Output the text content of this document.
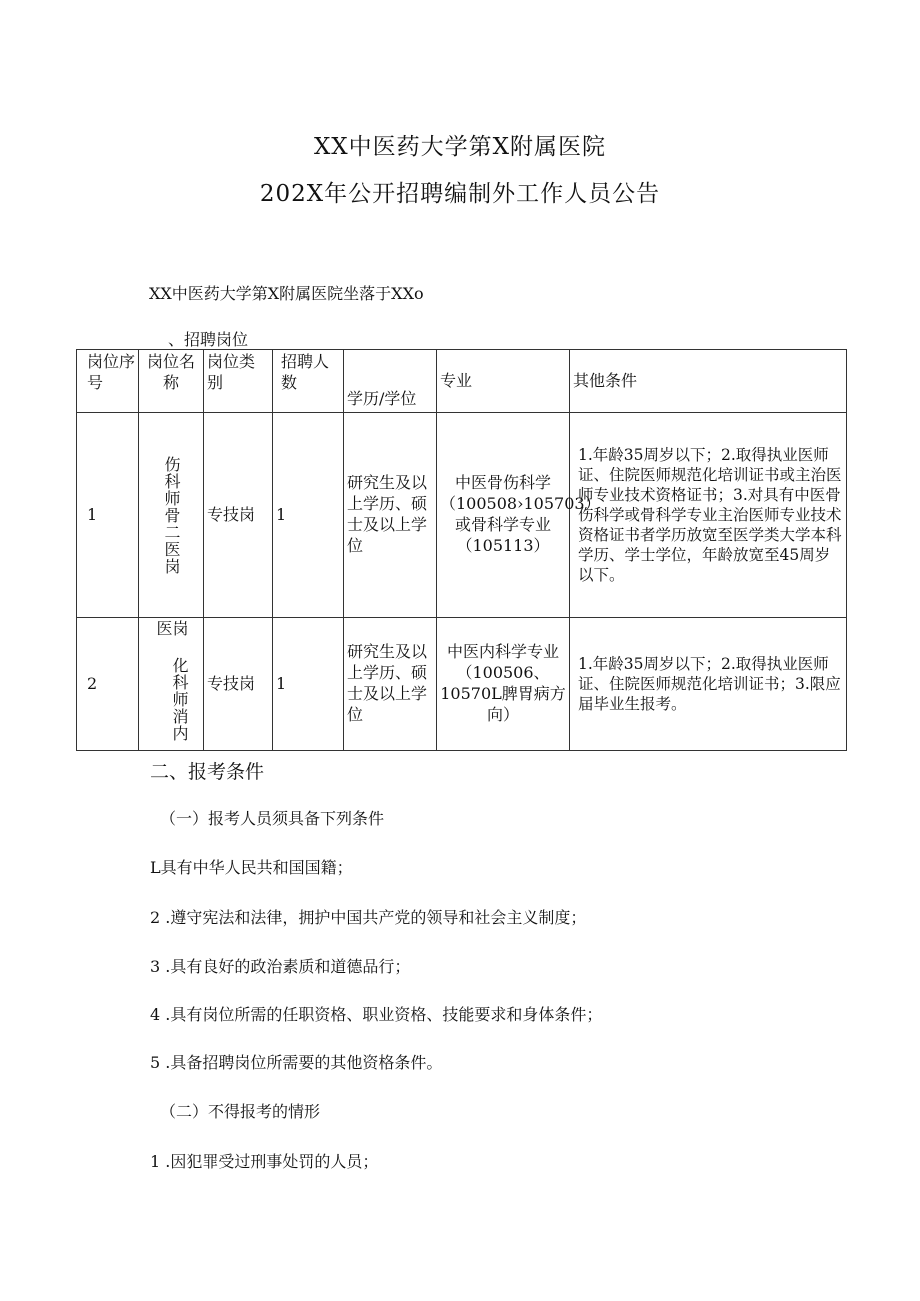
XX中医药大学第X附属医院
202X年公开招聘编制外工作人员公告
XX中医药大学第X附属医院坐落于XXo
、招聘岗位
岗位序号	岗位名称	岗位类别	招聘人数	学历/学位	专业	其他条件
1	伤科师骨二医岗	专技岗	1	研究生及以上学历、硕士及以上学位	中医骨伤科学（100508›105703）或骨科学专业（105113）	1.年龄35周岁以下；2.取得执业医师证、住院医师规范化培训证书或主治医师专业技术资格证书；3.对具有中医骨伤科学或骨科学专业主治医师专业技术资格证书者学历放宽至医学类大学本科学历、学士学位，年龄放宽至45周岁以下。
2	岗 化科师消内医	专技岗	1	研究生及以上学历、硕士及以上学位	中医内科学专业（100506、10570L脾胃病方向）	1.年龄35周岁以下；2.取得执业医师证、住院医师规范化培训证书；3.限应届毕业生报考。
二、报考条件
（一）报考人员须具备下列条件
L具有中华人民共和国国籍；
2 .遵守宪法和法律，拥护中国共产党的领导和社会主义制度；
3 .具有良好的政治素质和道德品行；
4 .具有岗位所需的任职资格、职业资格、技能要求和身体条件；
5 .具备招聘岗位所需要的其他资格条件。
（二）不得报考的情形
1 .因犯罪受过刑事处罚的人员；
